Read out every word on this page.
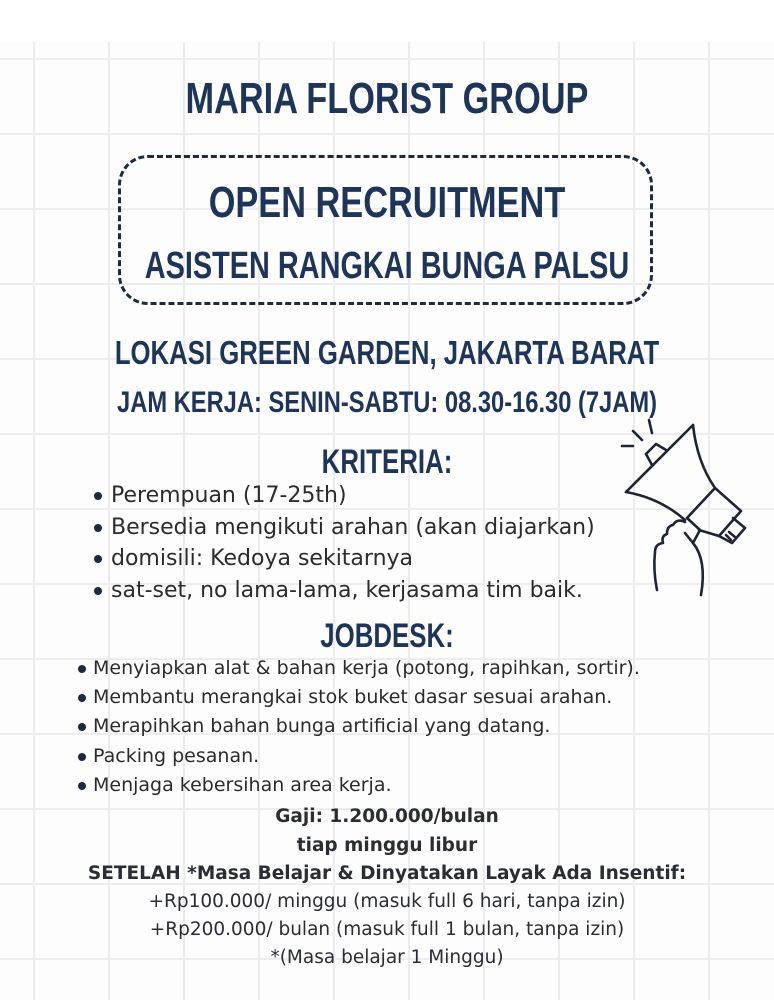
MARIA FLORIST GROUP
OPEN RECRUITMENT
ASISTEN RANGKAI BUNGA PALSU
LOKASI GREEN GARDEN, JAKARTA BARAT
JAM KERJA: SENIN-SABTU: 08.30-16.30 (7JAM)
KRITERIA:
Perempuan (17-25th)
Bersedia mengikuti arahan (akan diajarkan)
domisili: Kedoya sekitarnya
sat-set, no lama-lama, kerjasama tim baik.
JOBDESK:
Menyiapkan alat & bahan kerja (potong, rapihkan, sortir).
Membantu merangkai stok buket dasar sesuai arahan.
Merapihkan bahan bunga artificial yang datang.
Packing pesanan.
Menjaga kebersihan area kerja.
Gaji: 1.200.000/bulan
tiap minggu libur
SETELAH *Masa Belajar & Dinyatakan Layak Ada Insentif:
+Rp100.000/ minggu (masuk full 6 hari, tanpa izin)
+Rp200.000/ bulan (masuk full 1 bulan, tanpa izin)
*(Masa belajar 1 Minggu)
